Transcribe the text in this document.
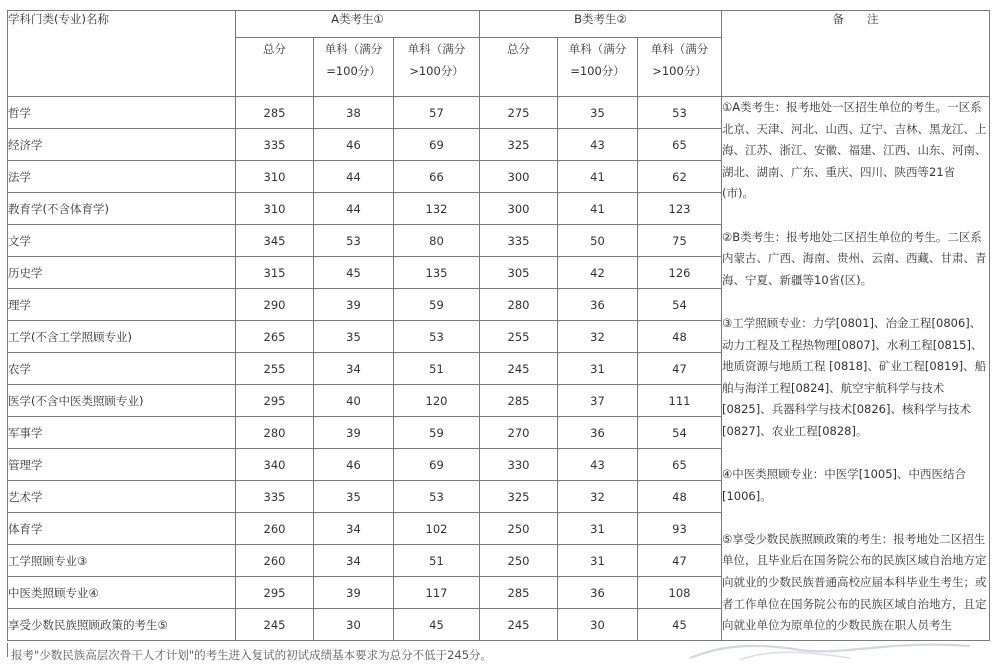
学科门类(专业)名称	A类考生①			B类考生②			备　　注
	总分	单科（满分=100分）	单科（满分>100分）	总分	单科（满分=100分）	单科（满分>100分）	
哲学	285	38	57	275	35	53	①A类考生：报考地处一区招生单位的考生。一区系北京、天津、河北、山西、辽宁、吉林、黑龙江、上海、江苏、浙江、安徽、福建、江西、山东、河南、湖北、湖南、广东、重庆、四川、陕西等21省 (市)。
②B类考生：报考地处二区招生单位的考生。二区系内蒙古、广西、海南、贵州、云南、西藏、甘肃、青海、宁夏、新疆等10省(区)。
③工学照顾专业：力学[0801]、冶金工程[0806]、动力工程及工程热物理[0807]、水利工程[0815]、地质资源与地质工程 [0818]、矿业工程[0819]、船舶与海洋工程[0824]、航空宇航科学与技术[0825]、兵器科学与技术[0826]、核科学与技术[0827]、农业工程[0828]。
④中医类照顾专业：中医学[1005]、中西医结合[1006]。
⑤享受少数民族照顾政策的考生：报考地处二区招生单位，且毕业后在国务院公布的民族区域自治地方定向就业的少数民族普通高校应届本科毕业生考生；或者工作单位在国务院公布的民族区域自治地方，且定向就业单位为原单位的少数民族在职人员考生

经济学	335	46	69	325	43	65	
法学	310	44	66	300	41	62	
教育学(不含体育学)	310	44	132	300	41	123	
文学	345	53	80	335	50	75	
历史学	315	45	135	305	42	126	
理学	290	39	59	280	36	54	
工学(不含工学照顾专业)	265	35	53	255	32	48	
农学	255	34	51	245	31	47	
医学(不含中医类照顾专业)	295	40	120	285	37	111	
军事学	280	39	59	270	36	54	
管理学	340	46	69	330	43	65	
艺术学	335	35	53	325	32	48	
体育学	260	34	102	250	31	93	
工学照顾专业③	260	34	51	250	31	47	
中医类照顾专业④	295	39	117	285	36	108	
享受少数民族照顾政策的考生⑤	245	30	45	245	30	45	
报考"少数民族高层次骨干人才计划"的考生进入复试的初试成绩基本要求为总分不低于245分。
